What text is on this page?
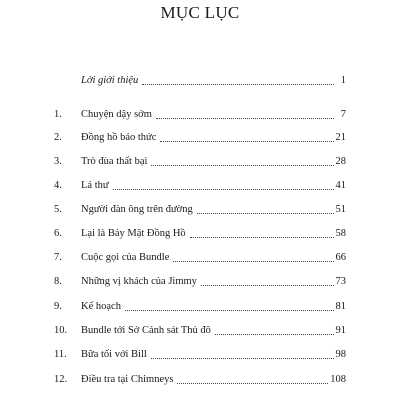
MỤC LỤC
Lời giới thiệu	1
1. Chuyện dậy sớm	7
2. Đồng hồ báo thức	21
3. Trò đùa thất bại	28
4. Lá thư	41
5. Người đàn ông trên đường	51
6. Lại là Bảy Mặt Đồng Hồ	58
7. Cuộc gọi của Bundle	66
8. Những vị khách của Jimmy	73
9. Kế hoạch	81
10. Bundle tới Sở Cảnh sát Thủ đô	91
11. Bữa tối với Bill	98
12. Điều tra tại Chimneys	108
